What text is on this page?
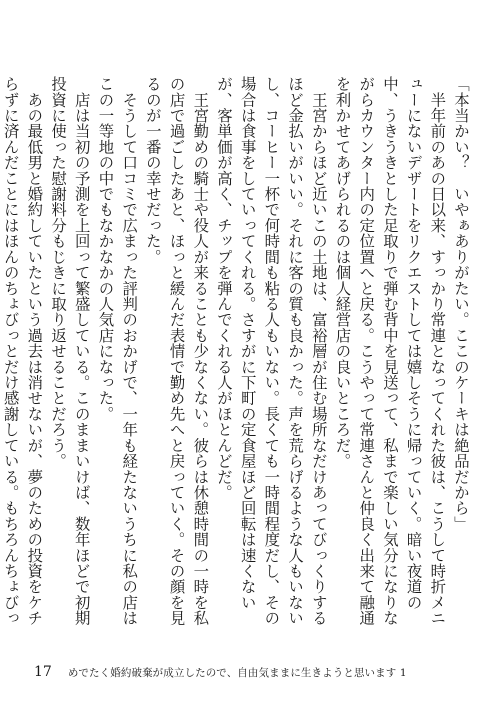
「本当かい？　いやぁありがたい。ここのケーキは絶品だから」

　半年前のあの日以来、すっかり常連となってくれた彼は、こうして時折メニューにないデザートをリクエストしては嬉しそうに帰っていく。暗い夜道の中、うきうきとした足取りで弾む背中を見送って、私まで楽しい気分になりながらカウンター内の定位置へと戻る。こうやって常連さんと仲良く出来て融通を利かせてあげられるのは個人経営店の良いところだ。

　王宮からほど近いこの土地は、富裕層が住む場所なだけあってびっくりするほど金払いがいい。それに客の質も良かった。声を荒らげるような人もいないし、コーヒー一杯で何時間も粘る人もいない。長くても一時間程度だし、その場合は食事をしていってくれる。さすがに下町の定食屋ほど回転は速くないが、客単価が高く、チップを弾んでくれる人がほとんどだ。

　王宮勤めの騎士や役人が来ることも少なくない。彼らは休憩時間の一時を私の店で過ごしたあと、ほっと緩んだ表情で勤め先へと戻っていく。その顔を見るのが一番の幸せだった。

　そうして口コミで広まった評判のおかげで、一年も経たないうちに私の店はこの一等地の中でもなかなかの人気店になった。

　店は当初の予測を上回って繁盛している。このままいけば、数年ほどで初期投資に使った慰謝料分もじきに取り返せることだろう。

　あの最低男と婚約していたという過去は消せないが、夢のための投資をケチらずに済んだことにはほんのちょびっとだけ感謝している。もちろんちょびっ

17 めでたく婚約破棄が成立したので、自由気ままに生きようと思います 1
